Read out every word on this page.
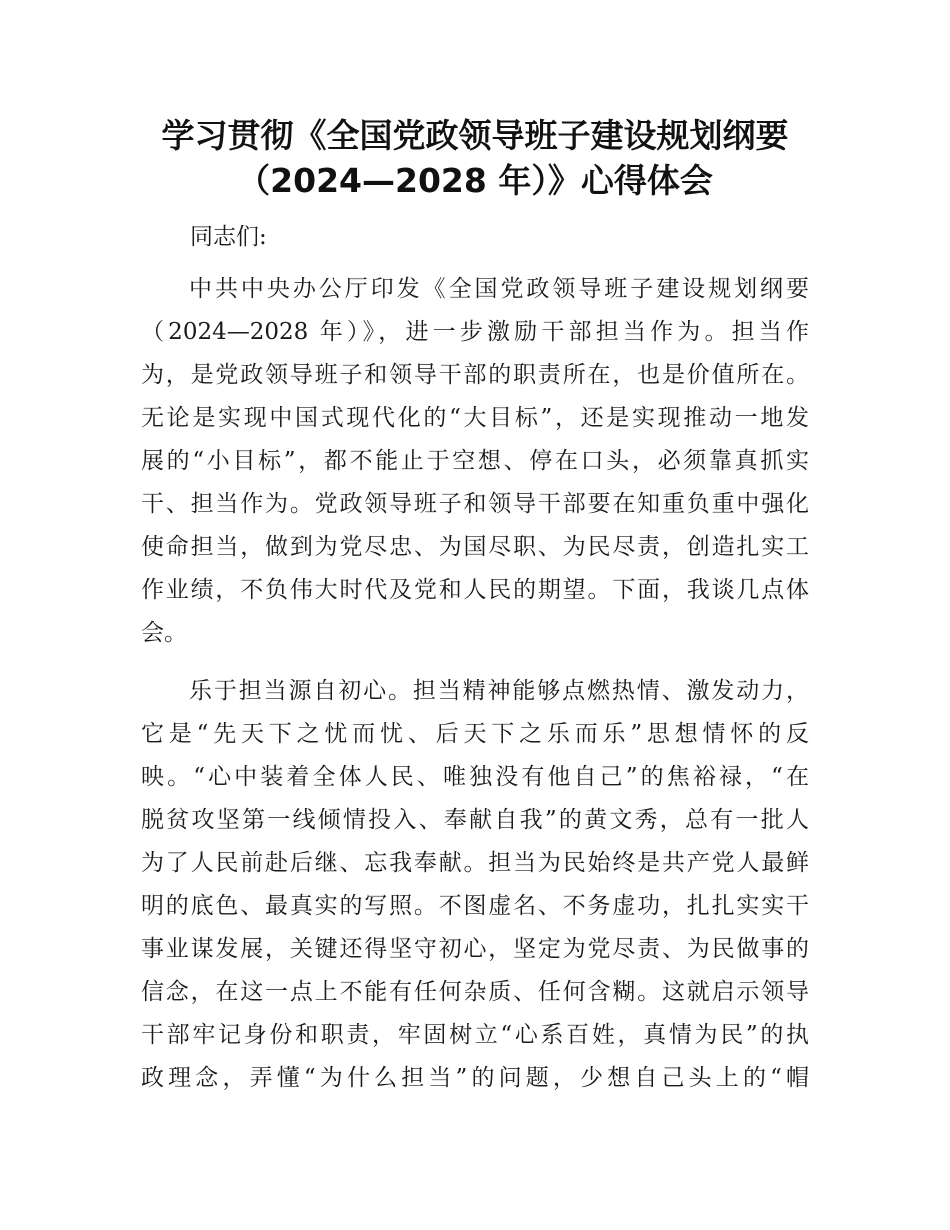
学习贯彻《全国党政领导班子建设规划纲要
（2024—2028 年）》心得体会
同志们:
中共中央办公厅印发《全国党政领导班子建设规划纲要
（2024—2028 年）》，进一步激励干部担当作为。担当作
为，是党政领导班子和领导干部的职责所在，也是价值所在。
无论是实现中国式现代化的“大目标”，还是实现推动一地发
展的“小目标”，都不能止于空想、停在口头，必须靠真抓实
干、担当作为。党政领导班子和领导干部要在知重负重中强化
使命担当，做到为党尽忠、为国尽职、为民尽责，创造扎实工
作业绩，不负伟大时代及党和人民的期望。下面，我谈几点体
会。
乐于担当源自初心。担当精神能够点燃热情、激发动力，
它是“先天下之忧而忧、后天下之乐而乐”思想情怀的反
映。“心中装着全体人民、唯独没有他自己”的焦裕禄，“在
脱贫攻坚第一线倾情投入、奉献自我”的黄文秀，总有一批人
为了人民前赴后继、忘我奉献。担当为民始终是共产党人最鲜
明的底色、最真实的写照。不图虚名、不务虚功，扎扎实实干
事业谋发展，关键还得坚守初心，坚定为党尽责、为民做事的
信念，在这一点上不能有任何杂质、任何含糊。这就启示领导
干部牢记身份和职责，牢固树立“心系百姓，真情为民”的执
政理念，弄懂“为什么担当”的问题，少想自己头上的“帽
